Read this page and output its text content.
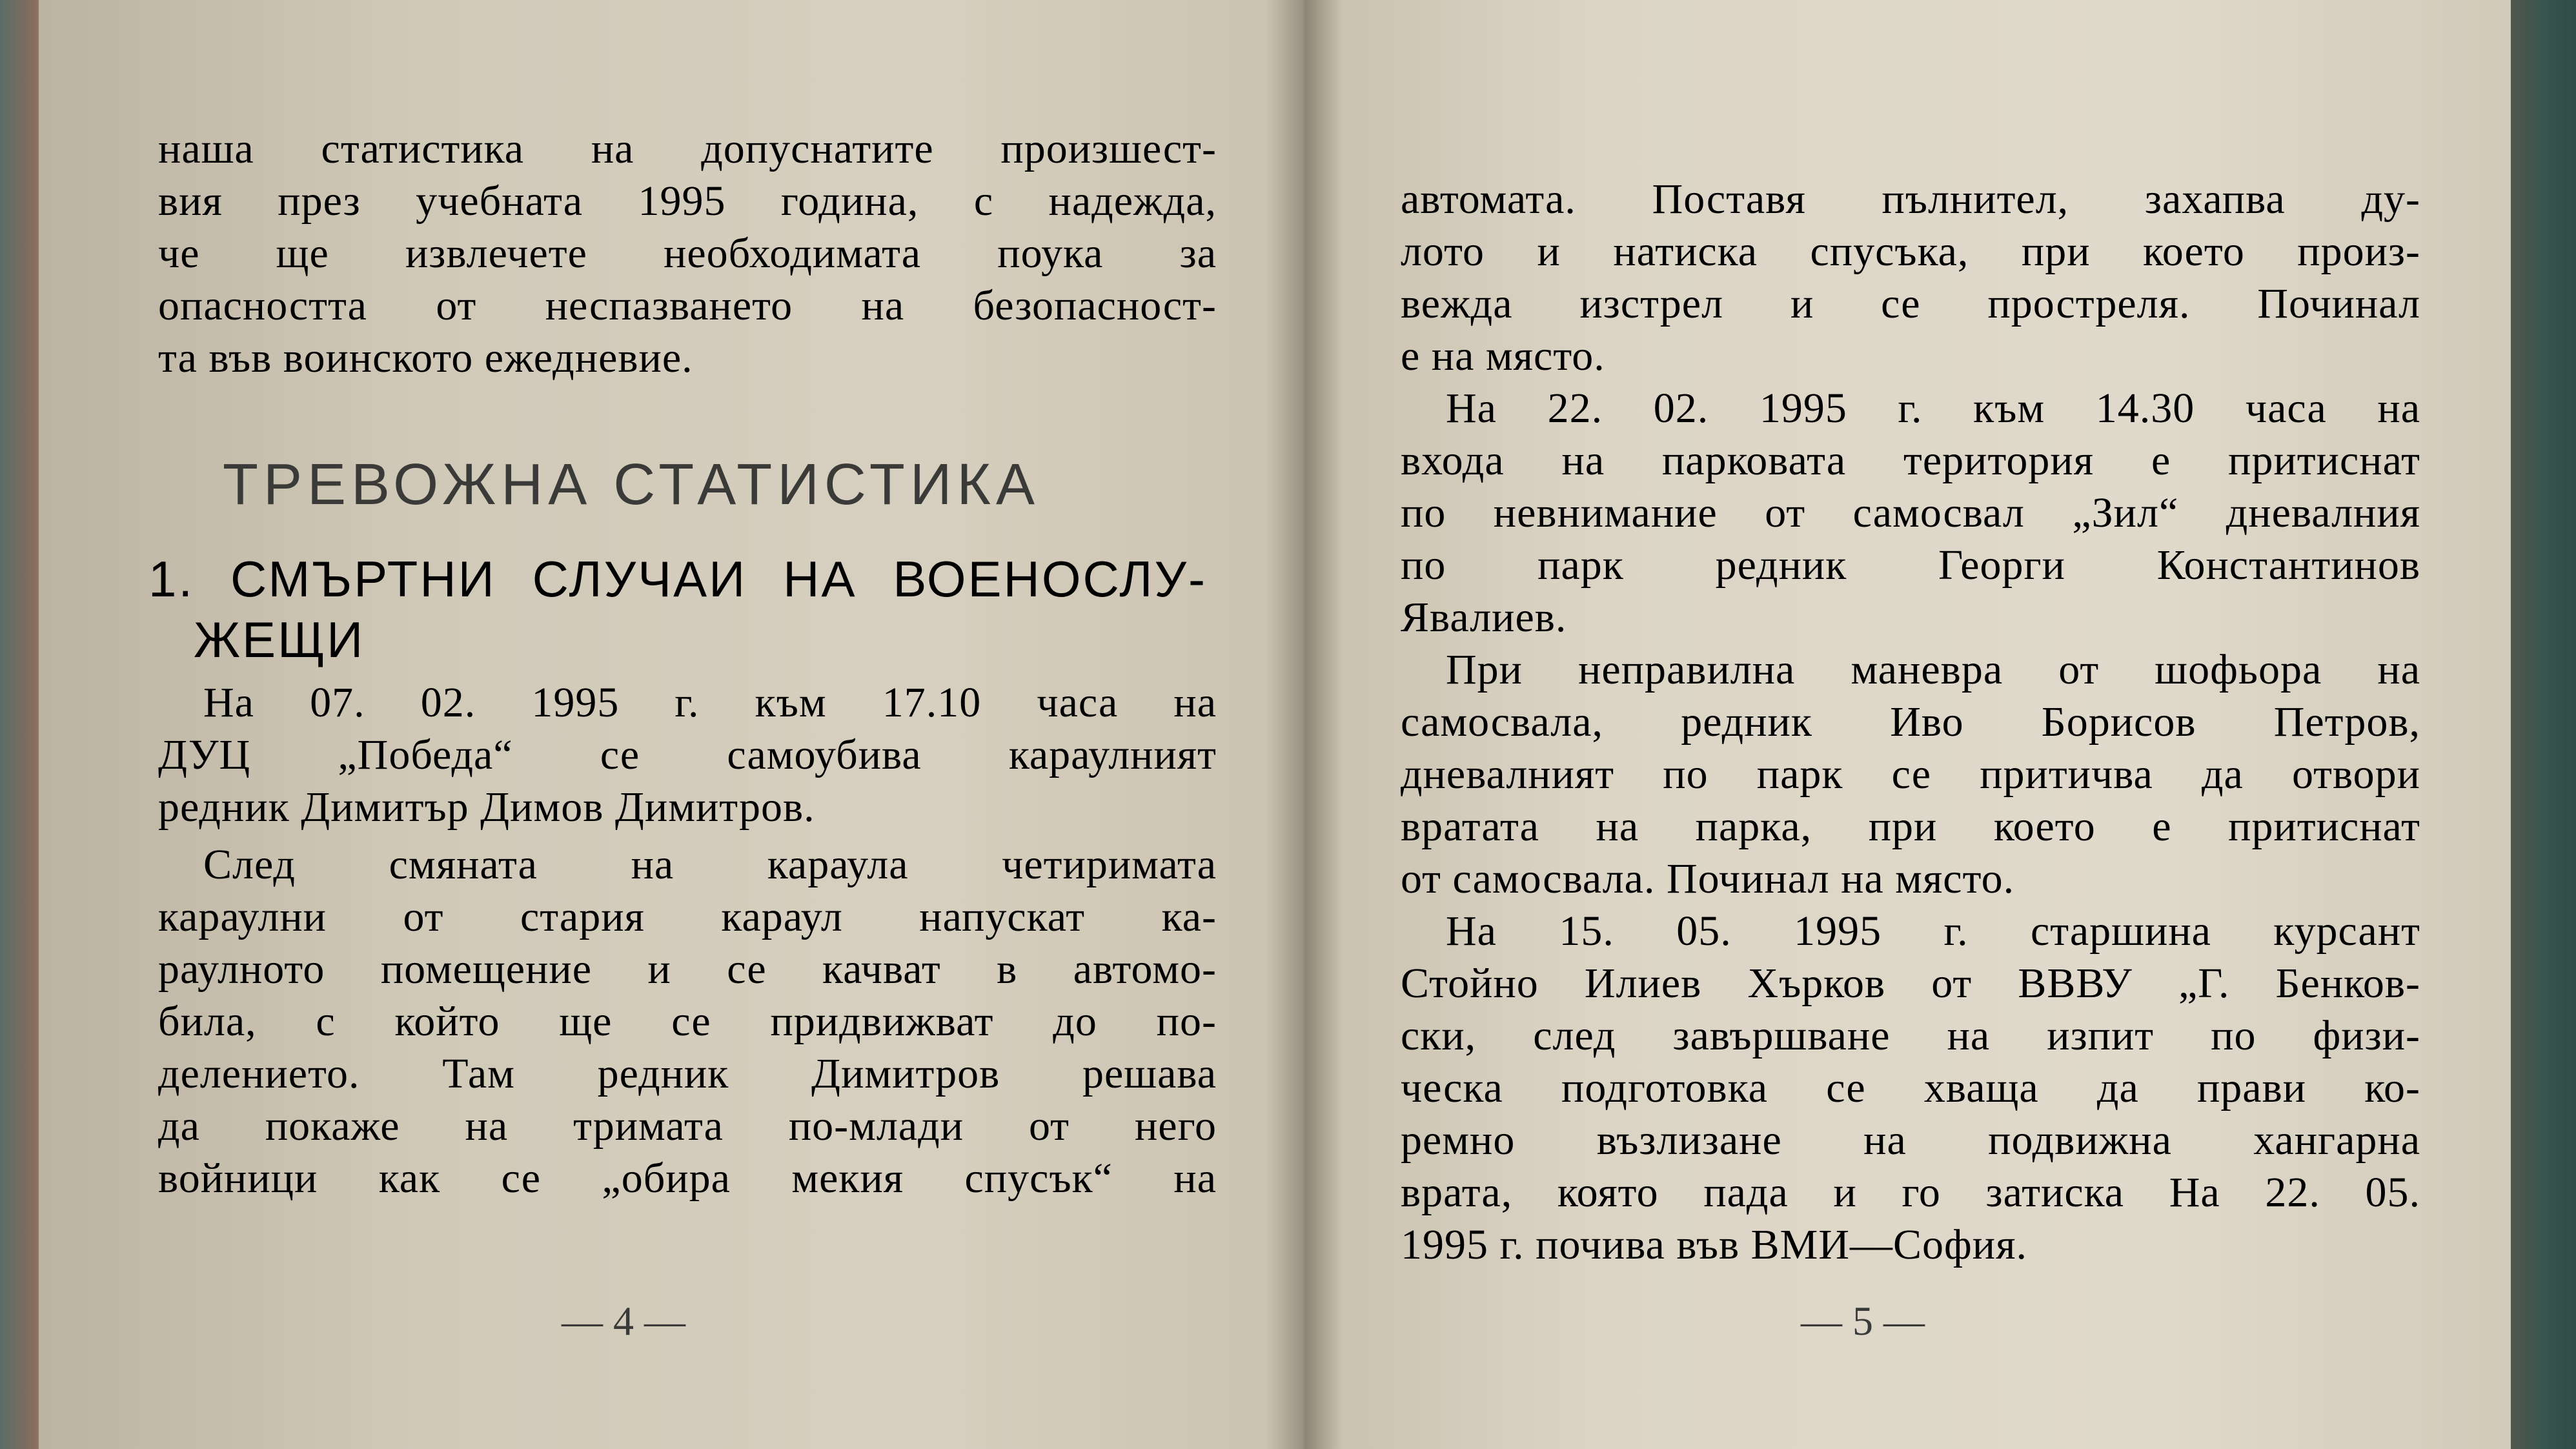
наша статистика на допуснатите произшест-
вия през учебната 1995 година, с надежда,
че ще извлечете необходимата поука за
опасността от неспазването на безопасност-
та във воинското ежедневие.

ТРЕВОЖНА СТАТИСТИКА
1. СМЪРТНИ СЛУЧАИ НА ВОЕНОСЛУ-
ЖЕЩИ

На 07. 02. 1995 г. към 17.10 часа на
ДУЦ „Победа“ се самоубива караулният
редник Димитър Димов Димитров.

След смяната на караула четиримата
караулни от стария караул напускат ка-
раулното помещение и се качват в автомо-
била, с който ще се придвижват до по-
делението. Там редник Димитров решава
да покаже на тримата по-млади от него
войници как се „обира мекия спусък“ на

— 4 —

автомата. Поставя пълнител, захапва ду-
лото и натиска спусъка, при което произ-
вежда изстрел и се простреля. Починал
е на място.

На 22. 02. 1995 г. към 14.30 часа на
входа на парковата територия е притиснат
по невнимание от самосвал „Зил“ дневалния
по парк редник Георги Константинов
Явалиев.

При неправилна маневра от шофьора на
самосвала, редник Иво Борисов Петров,
дневалният по парк се притичва да отвори
вратата на парка, при което е притиснат
от самосвала. Починал на място.

На 15. 05. 1995 г. старшина курсант
Стойно Илиев Хърков от ВВВУ „Г. Бенков-
ски, след завършване на изпит по физи-
ческа подготовка се хваща да прави ко-
ремно възлизане на подвижна хангарна
врата, която пада и го затиска На 22. 05.
1995 г. почива във ВМИ—София.

— 5 —
